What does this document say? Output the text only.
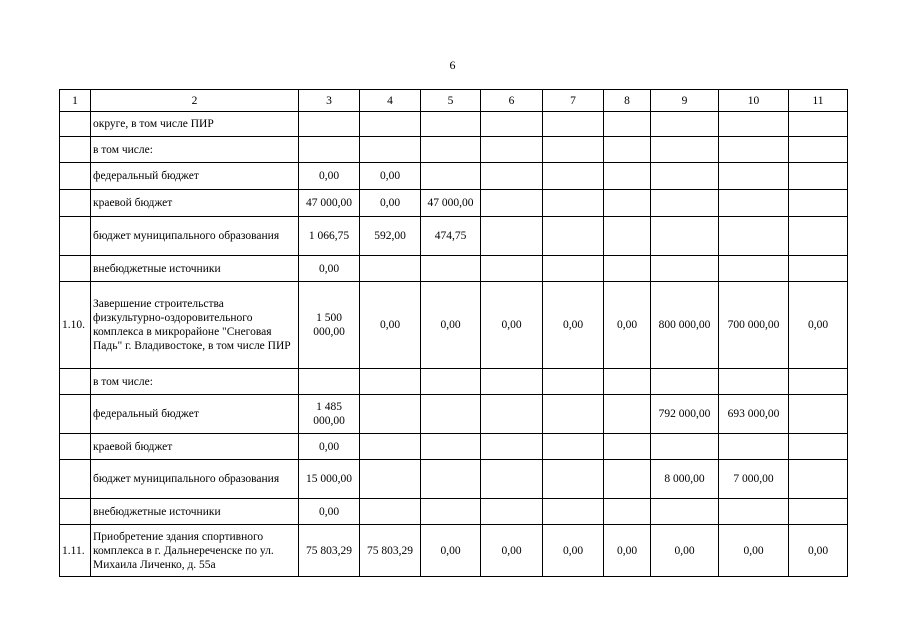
6
1	2	3	4	5	6	7	8	9	10	11
	округе, в том числе ПИР									
	в том числе:									
	федеральный бюджет	0,00	0,00							
	краевой бюджет	47 000,00	0,00	47 000,00						
	бюджет муниципального образования	1 066,75	592,00	474,75						
	внебюджетные источники	0,00								
1.10.	Завершение строительства физкультурно-оздоровительного комплекса в микрорайоне "Снеговая Падь" г. Владивостоке, в том числе ПИР	1 500 000,00	0,00	0,00	0,00	0,00	0,00	800 000,00	700 000,00	0,00
	в том числе:									
	федеральный бюджет	1 485 000,00						792 000,00	693 000,00	
	краевой бюджет	0,00								
	бюджет муниципального образования	15 000,00						8 000,00	7 000,00	
	внебюджетные источники	0,00								
1.11.	Приобретение здания спортивного комплекса в г. Дальнереченске по ул. Михаила Личенко, д. 55а	75 803,29	75 803,29	0,00	0,00	0,00	0,00	0,00	0,00	0,00
